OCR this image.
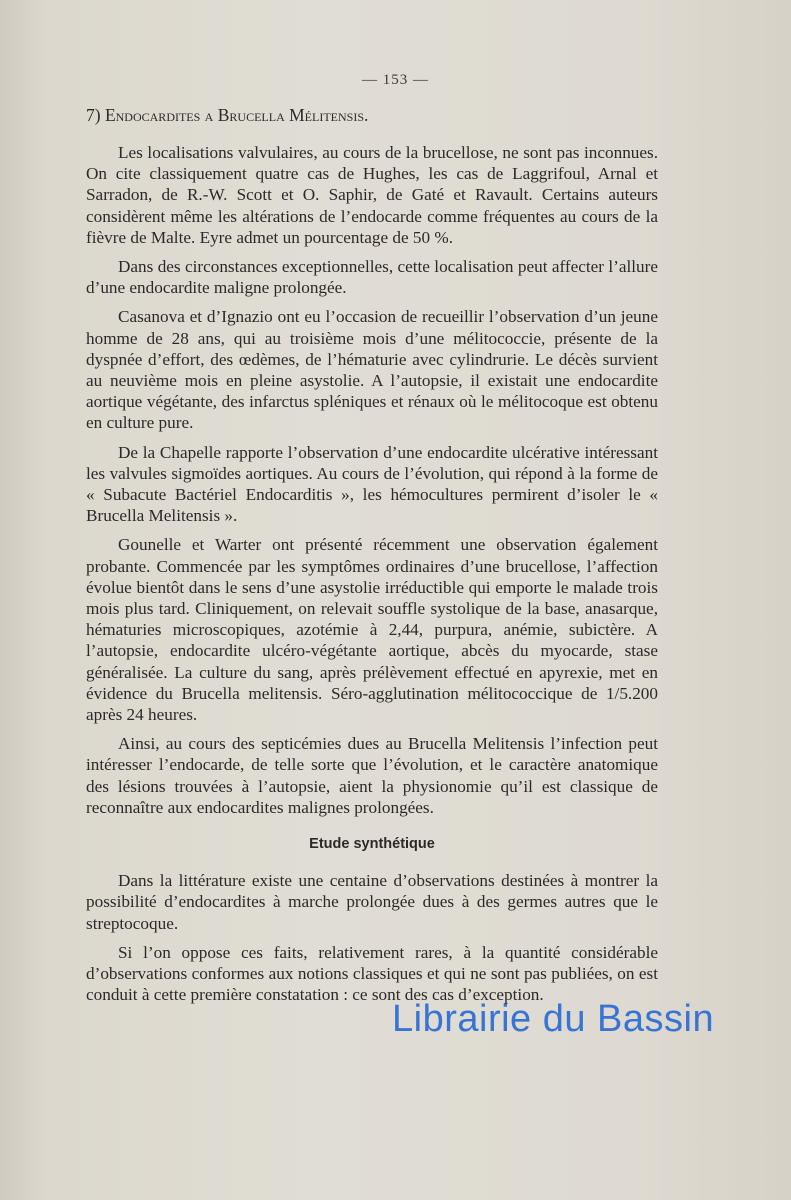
— 153 —
7) Endocardites a Brucella Mélitensis.

Les localisations valvulaires, au cours de la brucellose, ne sont pas inconnues. On cite classiquement quatre cas de Hughes, les cas de Laggrifoul, Arnal et Sarradon, de R.-W. Scott et O. Saphir, de Gaté et Ravault. Certains auteurs considèrent même les altérations de l’endocarde comme fréquentes au cours de la fièvre de Malte. Eyre admet un pourcentage de 50 %.

Dans des circonstances exceptionnelles, cette localisation peut affecter l’allure d’une endocardite maligne prolongée.

Casanova et d’Ignazio ont eu l’occasion de recueillir l’observation d’un jeune homme de 28 ans, qui au troisième mois d’une mélitococcie, présente de la dyspnée d’effort, des œdèmes, de l’hématurie avec cylindrurie. Le décès survient au neuvième mois en pleine asystolie. A l’autopsie, il existait une endocardite aortique végétante, des infarctus spléniques et rénaux où le mélitocoque est obtenu en culture pure.

De la Chapelle rapporte l’observation d’une endocardite ulcérative intéressant les valvules sigmoïdes aortiques. Au cours de l’évolution, qui répond à la forme de « Subacute Bactériel Endocarditis », les hémocultures permirent d’isoler le « Brucella Melitensis ».

Gounelle et Warter ont présenté récemment une observation également probante. Commencée par les symptômes ordinaires d’une brucellose, l’affection évolue bientôt dans le sens d’une asystolie irréductible qui emporte le malade trois mois plus tard. Cliniquement, on relevait souffle systolique de la base, anasarque, hématuries microscopiques, azotémie à 2,44, purpura, anémie, subictère. A l’autopsie, endocardite ulcéro-végétante aortique, abcès du myocarde, stase généralisée. La culture du sang, après prélèvement effectué en apyrexie, met en évidence du Brucella melitensis. Séro-agglutination mélitococcique de 1/5.200 après 24 heures.

Ainsi, au cours des septicémies dues au Brucella Melitensis l’infection peut intéresser l’endocarde, de telle sorte que l’évolution, et le caractère anatomique des lésions trouvées à l’autopsie, aient la physionomie qu’il est classique de reconnaître aux endocardites malignes prolongées.

Etude synthétique

Dans la littérature existe une centaine d’observations destinées à montrer la possibilité d’endocardites à marche prolongée dues à des germes autres que le streptocoque.

Si l’on oppose ces faits, relativement rares, à la quantité considérable d’observations conformes aux notions classiques et qui ne sont pas publiées, on est conduit à cette première constatation : ce sont des cas d’exception.

Librairie du Bassin
